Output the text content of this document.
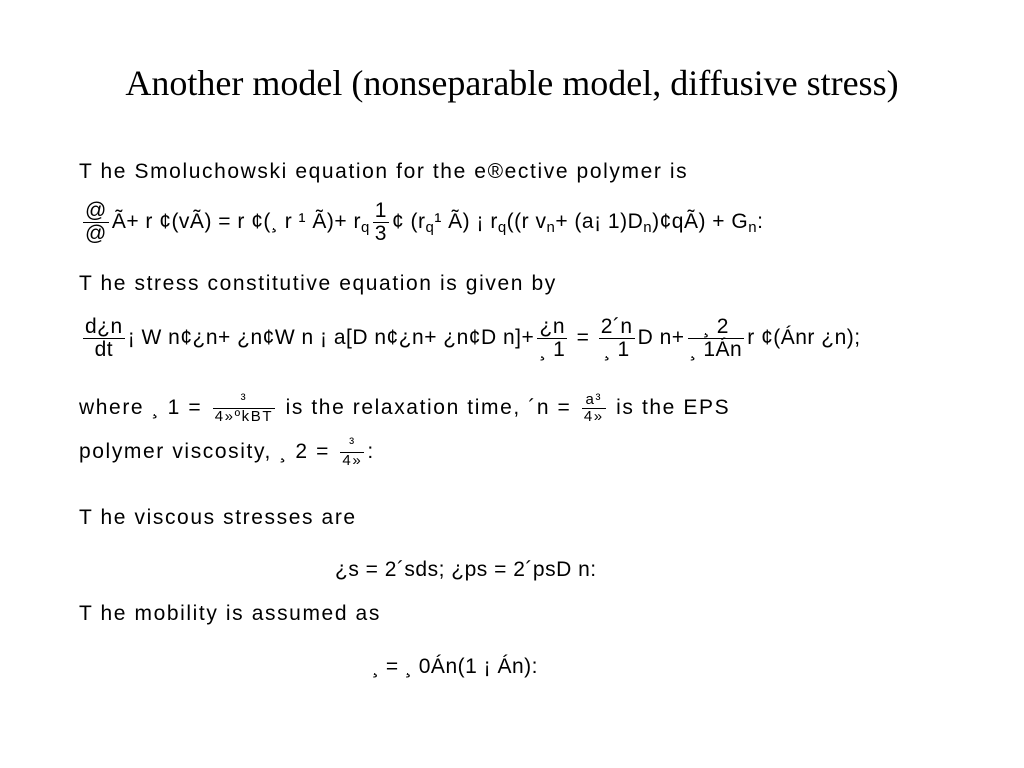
Another model (nonseparable model, diffusive stress)
T he Smoluchowski equation for the e®ective polymer is
$\frac{@}{@}$ Ã+ r ¢(vÃ) = r ¢(¸ r ¹ Ã)+ $r_q \frac{1}{3}$ ¢ ($r_q^1$ Ã) ¡ $r_q((r$ $v_n+$ (a¡ $1)D_n)¢qÃ) + G_n$:
T he stress constitutive equation is given by
$\frac{d¿n}{dt}$ ¡ W n¢¿n+ ¿n¢W n ¡ a[D n¢¿n+ ¿n¢D $n]+ \frac{¿n}{¸ 1} = \frac{2´n}{¸ 1}$ D $n+ \frac{¸ 2}{¸ 1Án}$ r ¢(Ánr ¿n);
where ¸ $1 = \frac{\text{³}}{\text{4»ºkBT}}$ is the relaxation time, ´n = $\frac{\text{a³}}{4»}$ is the EPS
polymer viscosity, ¸ $2 = \frac{\text{³}}{4»}$ :
T he viscous stresses are
¿s = 2´sds; ¿ps = 2´psD n:
T he mobility is assumed as
¸ = ¸ 0Án(1 ¡ Án):
